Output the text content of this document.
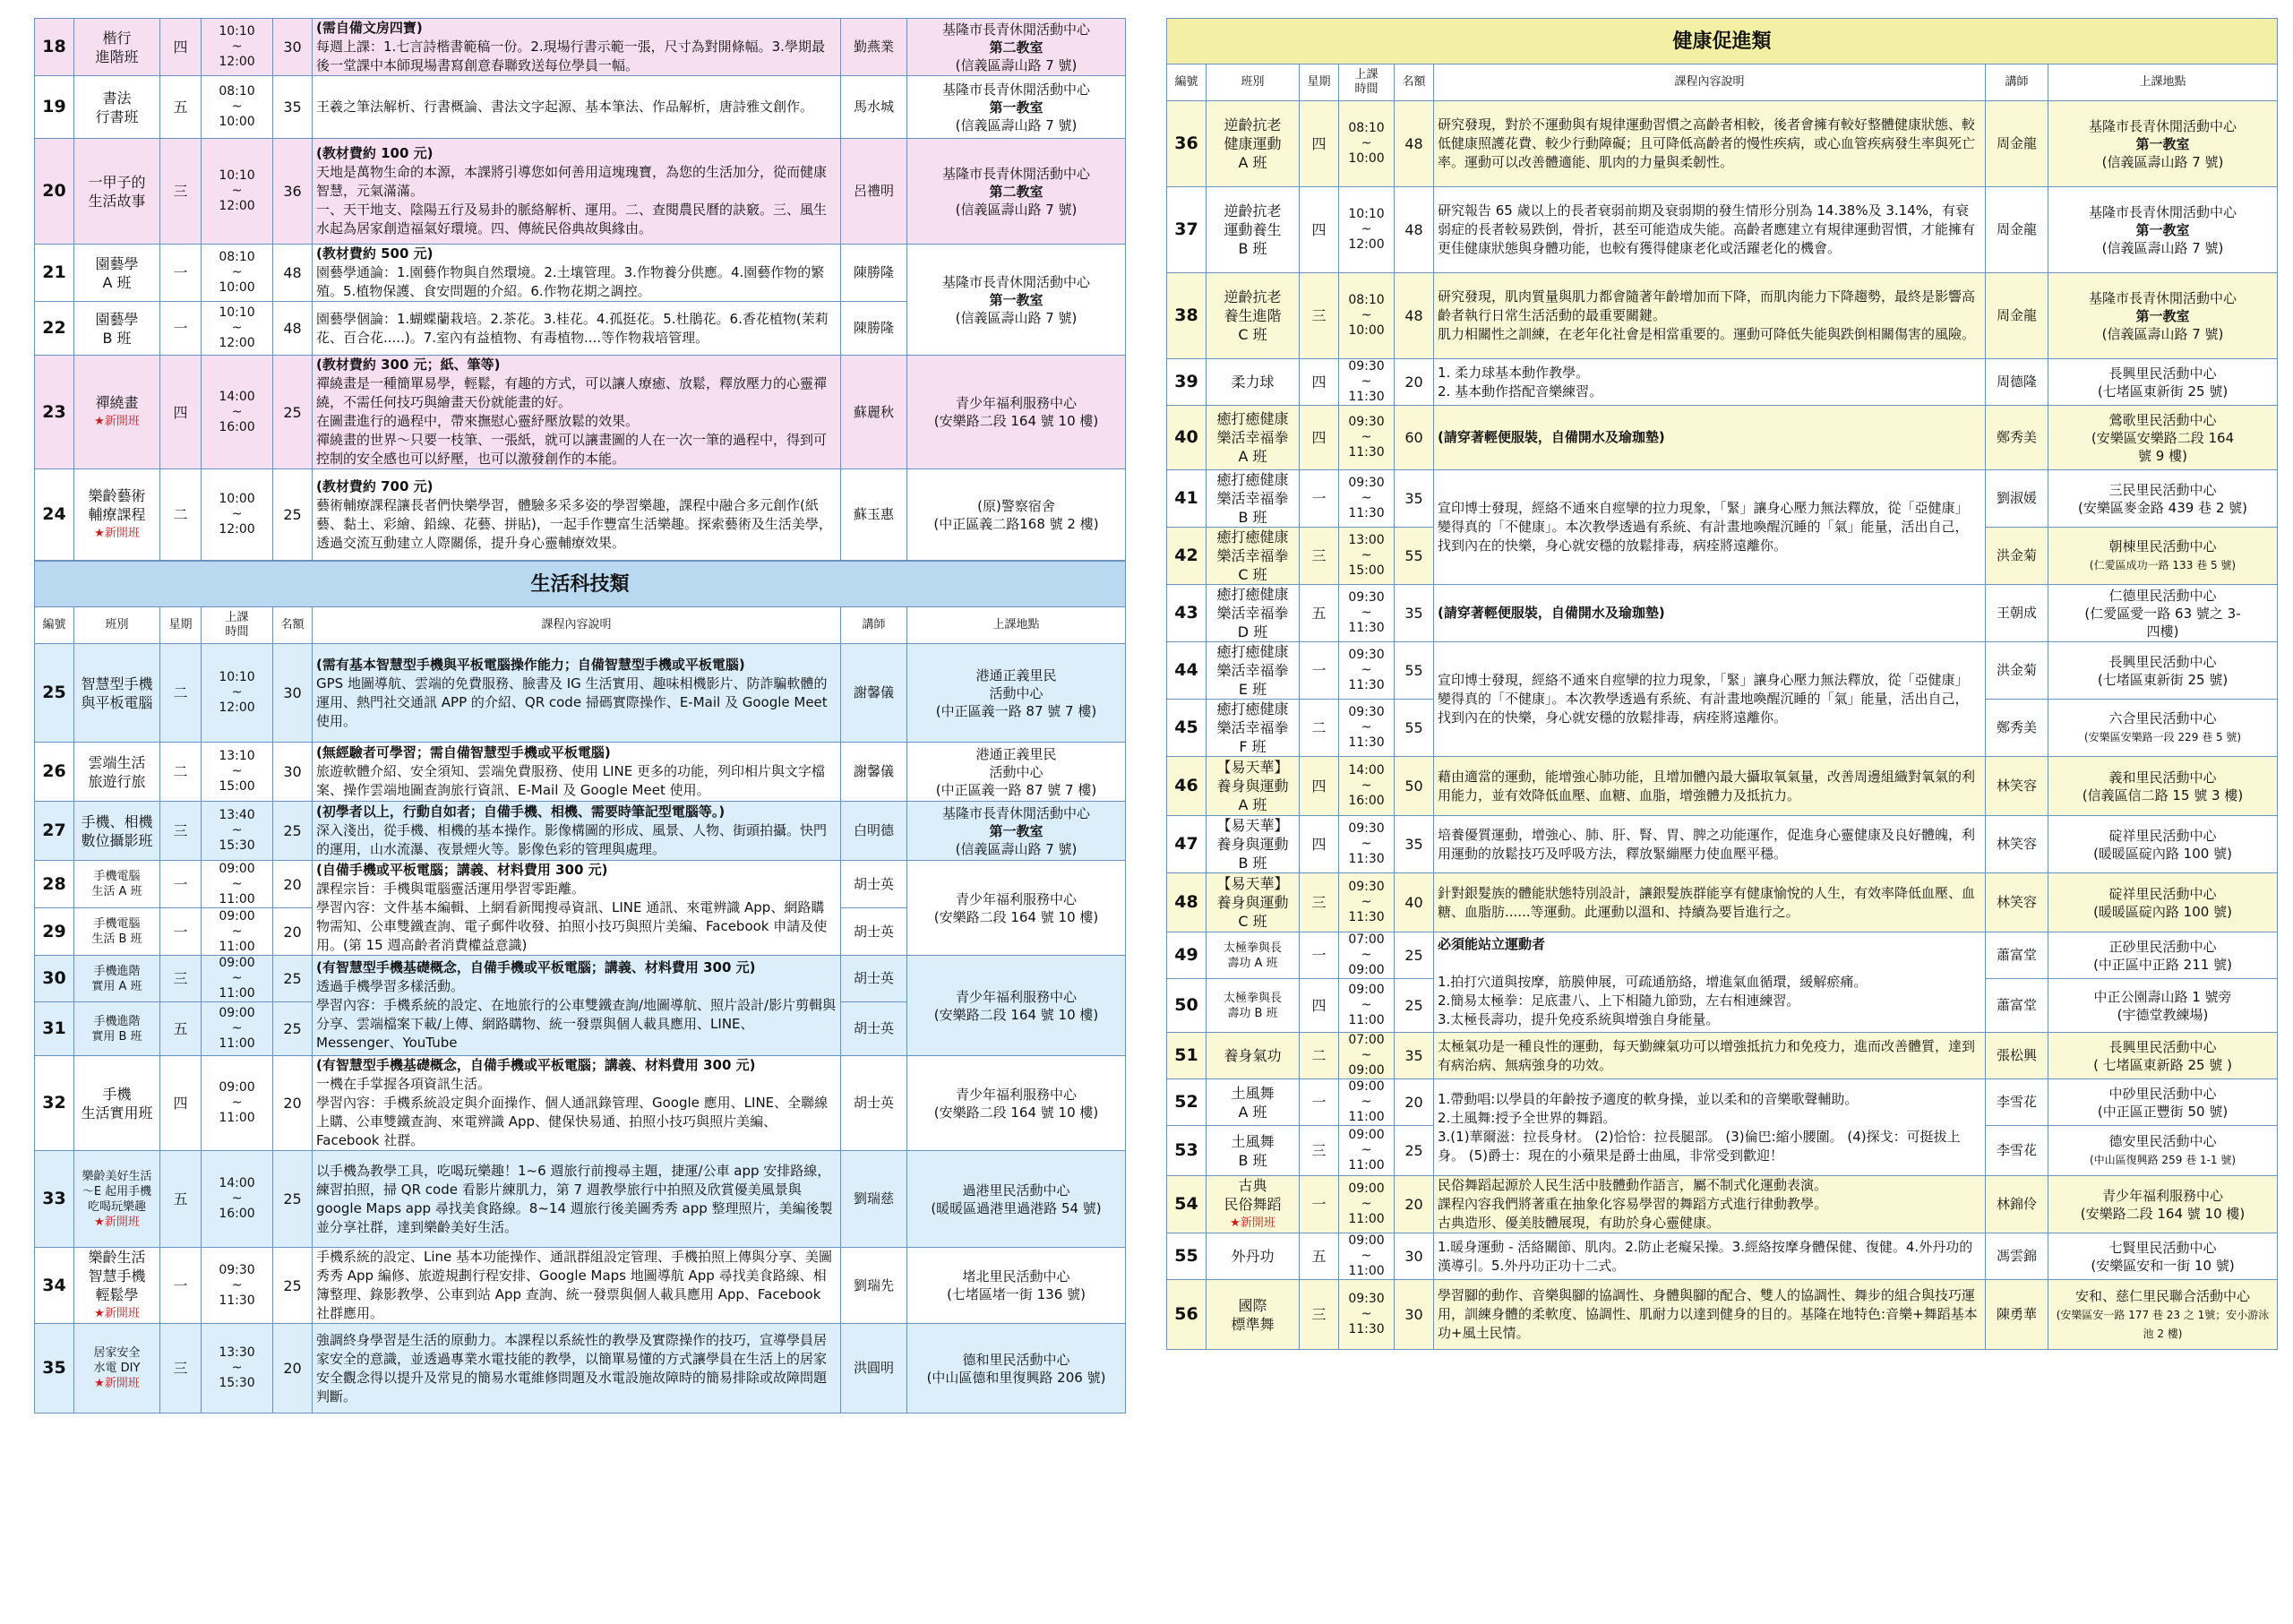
18	楷行
進階班	四	10:10
~
12:00	30	(需自備文房四寶)
每週上課：1.七言詩楷書範稿一份。2.現場行書示範一張，尺寸為對開條幅。3.學期最後一堂課中本師現場書寫創意春聯致送每位學員一幅。	勤燕業	基隆市長青休閒活動中心
第二教室
(信義區壽山路 7 號)
19	書法
行書班	五	08:10
~
10:00	35	王羲之筆法解析、行書概論、書法文字起源、基本筆法、作品解析，唐詩雅文創作。	馬水城	基隆市長青休閒活動中心
第一教室
(信義區壽山路 7 號)
20	一甲子的
生活故事	三	10:10
~
12:00	36	(教材費約 100 元)
天地是萬物生命的本源，本課將引導您如何善用這塊瑰寶，為您的生活加分，從而健康智慧，元氣滿滿。
一、天干地支、陰陽五行及易卦的脈絡解析、運用。二、查閱農民曆的訣竅。三、風生水起為居家創造福氣好環境。四、傳統民俗典故與緣由。	呂禮明	基隆市長青休閒活動中心
第二教室
(信義區壽山路 7 號)
21	園藝學
A 班	一	08:10
~
10:00	48	(教材費約 500 元)
園藝學通論：1.園藝作物與自然環境。2.土壤管理。3.作物養分供應。4.園藝作物的繁殖。5.植物保護、食安問題的介紹。6.作物花期之調控。	陳勝隆	基隆市長青休閒活動中心
第一教室
(信義區壽山路 7 號)
22	園藝學
B 班	一	10:10
~
12:00	48	園藝學個論：1.蝴蝶蘭栽培。2.茶花。3.桂花。4.孤挺花。5.杜鵑花。6.香花植物(茉莉花、百合花.....)。7.室內有益植物、有毒植物....等作物栽培管理。	陳勝隆	
23	禪繞畫
★新開班	四	14:00
~
16:00	25	(教材費約 300 元；紙、筆等)
禪繞畫是一種簡單易學，輕鬆，有趣的方式，可以讓人療癒、放鬆，釋放壓力的心靈禪繞，不需任何技巧與繪畫天份就能畫的好。
在圖畫進行的過程中，帶來撫慰心靈紓壓放鬆的效果。
禪繞畫的世界～只要一枝筆、一張紙，就可以讓畫圖的人在一次一筆的過程中，得到可控制的安全感也可以紓壓，也可以激發創作的本能。	蘇麗秋	青少年福利服務中心
(安樂路二段 164 號 10 樓)
24	樂齡藝術
輔療課程
★新開班	二	10:00
~
12:00	25	(教材費約 700 元)
藝術輔療課程讓長者們快樂學習，體驗多采多姿的學習樂趣，課程中融合多元創作(紙藝、黏土、彩繪、鉛線、花藝、拼貼)，一起手作豐富生活樂趣。探索藝術及生活美學，透過交流互動建立人際關係，提升身心靈輔療效果。	蘇玉惠	(原)警察宿舍
(中正區義二路168 號 2 樓)
生活科技類							
編號	班別	星期	上課
時間	名額	課程內容說明	講師	上課地點
25	智慧型手機
與平板電腦	二	10:10
~
12:00	30	(需有基本智慧型手機與平板電腦操作能力；自備智慧型手機或平板電腦)
GPS 地圖導航、雲端的免費服務、臉書及 IG 生活實用、趣味相機影片、防詐騙軟體的運用、熱門社交通訊 APP 的介紹、QR code 掃碼實際操作、E-Mail 及 Google Meet 使用。	謝馨儀	港通正義里民
活動中心
(中正區義一路 87 號 7 樓)
26	雲端生活
旅遊行旅	二	13:10
~
15:00	30	(無經驗者可學習；需自備智慧型手機或平板電腦)
旅遊軟體介紹、安全須知、雲端免費服務、使用 LINE 更多的功能，列印相片與文字檔案、操作雲端地圖查詢旅行資訊、E-Mail 及 Google Meet 使用。	謝馨儀	港通正義里民
活動中心
(中正區義一路 87 號 7 樓)
27	手機、相機
數位攝影班	三	13:40
~
15:30	25	(初學者以上，行動自如者；自備手機、相機、需要時筆記型電腦等。)
深入淺出，從手機、相機的基本操作。影像構圖的形成、風景、人物、街頭拍攝。快門的運用，山水流瀑、夜景煙火等。影像色彩的管理與處理。	白明德	基隆市長青休閒活動中心
第一教室
(信義區壽山路 7 號)
28	手機電腦
生活 A 班	一	09:00
~
11:00	20	(自備手機或平板電腦；講義、材料費用 300 元)
課程宗旨：手機與電腦靈活運用學習零距離。
學習內容：文件基本編輯、上網看新聞搜尋資訊、LINE 通訊、來電辨識 App、網路購物需知、公車雙鐵查詢、電子郵件收發、拍照小技巧與照片美編、Facebook 申請及使用。(第 15 週高齡者消費權益意識)	胡士英	青少年福利服務中心
(安樂路二段 164 號 10 樓)
29	手機電腦
生活 B 班	一	09:00
~
11:00	20		胡士英	
30	手機進階
實用 A 班	三	09:00
~
11:00	25	(有智慧型手機基礎概念，自備手機或平板電腦；講義、材料費用 300 元)
透過手機學習多樣活動。
學習內容：手機系統的設定、在地旅行的公車雙鐵查詢/地圖導航、照片設計/影片剪輯與分享、雲端檔案下載/上傳、網路購物、統一發票與個人載具應用、LINE、Messenger、YouTube	胡士英	青少年福利服務中心
(安樂路二段 164 號 10 樓)
31	手機進階
實用 B 班	五	09:00
~
11:00	25		胡士英	
32	手機
生活實用班	四	09:00
~
11:00	20	(有智慧型手機基礎概念，自備手機或平板電腦；講義、材料費用 300 元)
一機在手掌握各項資訊生活。
學習內容：手機系統設定與介面操作、個人通訊錄管理、Google 應用、LINE、全聯線上購、公車雙鐵查詢、來電辨識 App、健保快易通、拍照小技巧與照片美編、Facebook 社群。	胡士英	青少年福利服務中心
(安樂路二段 164 號 10 樓)
33	樂齡美好生活
～E 起用手機
吃喝玩樂趣
★新開班	五	14:00
~
16:00	25	以手機為教學工具，吃喝玩樂趣！1~6 週旅行前搜尋主題，捷運/公車 app 安排路線，練習拍照，掃 QR code 看影片練肌力，第 7 週教學旅行中拍照及欣賞優美風景與 google Maps app 尋找美食路線。8~14 週旅行後美圖秀秀 app 整理照片，美編後製並分享社群，達到樂齡美好生活。	劉瑞慈	過港里民活動中心
(暖暖區過港里過港路 54 號)
34	樂齡生活
智慧手機
輕鬆學
★新開班	一	09:30
~
11:30	25	手機系統的設定、Line 基本功能操作、通訊群組設定管理、手機拍照上傳與分享、美圖秀秀 App 編修、旅遊規劃行程安排、Google Maps 地圖導航 App 尋找美食路線、相簿整理、錄影教學、公車到站 App 查詢、統一發票與個人載具應用 App、Facebook 社群應用。	劉瑞先	堵北里民活動中心
(七堵區堵一街 136 號)
35	居家安全
水電 DIY
★新開班	三	13:30
~
15:30	20	強調終身學習是生活的原動力。本課程以系統性的教學及實際操作的技巧，宣導學員居家安全的意識，並透過專業水電技能的教學，以簡單易懂的方式讓學員在生活上的居家安全觀念得以提升及常見的簡易水電維修問題及水電設施故障時的簡易排除或故障問題判斷。	洪圓明	德和里民活動中心
(中山區德和里復興路 206 號)
健康促進類							
編號	班別	星期	上課
時間	名額	課程內容說明	講師	上課地點
36	逆齡抗老
健康運動
A 班	四	08:10
~
10:00	48	研究發現，對於不運動與有規律運動習慣之高齡者相較，後者會擁有較好整體健康狀態、較低健康照護花費、較少行動障礙；且可降低高齡者的慢性疾病，或心血管疾病發生率與死亡率。運動可以改善體適能、肌肉的力量與柔韌性。	周金龍	基隆市長青休閒活動中心
第一教室
(信義區壽山路 7 號)
37	逆齡抗老
運動養生
B 班	四	10:10
~
12:00	48	研究報告 65 歲以上的長者衰弱前期及衰弱期的發生情形分別為 14.38%及 3.14%，有衰弱症的長者較易跌倒，骨折，甚至可能造成失能。高齡者應建立有規律運動習慣，才能擁有更佳健康狀態與身體功能，也較有獲得健康老化或活躍老化的機會。	周金龍	基隆市長青休閒活動中心
第一教室
(信義區壽山路 7 號)
38	逆齡抗老
養生進階
C 班	三	08:10
~
10:00	48	研究發現，肌肉質量與肌力都會隨著年齡增加而下降，而肌肉能力下降趨勢，最終是影響高齡者執行日常生活活動的最重要關鍵。
肌力相關性之訓練，在老年化社會是相當重要的。運動可降低失能與跌倒相關傷害的風險。	周金龍	基隆市長青休閒活動中心
第一教室
(信義區壽山路 7 號)
39	柔力球	四	09:30
~
11:30	20	1. 柔力球基本動作教學。
2. 基本動作搭配音樂練習。	周德隆	長興里民活動中心
(七堵區東新街 25 號)
40	癒打癒健康
樂活幸福拳
A 班	四	09:30
~
11:30	60	(請穿著輕便服裝，自備開水及瑜珈墊)	鄭秀美	鶯歌里民活動中心
(安樂區安樂路二段 164
號 9 樓)
41	癒打癒健康
樂活幸福拳
B 班	一	09:30
~
11:30	35	宣印博士發現，經絡不通來自痙攣的拉力現象，「緊」讓身心壓力無法釋放，從「亞健康」變得真的「不健康」。本次教學透過有系統、有計畫地喚醒沉睡的「氣」能量，活出自己，找到內在的快樂，身心就安穩的放鬆排毒，病痊將遠離你。	劉淑媛	三民里民活動中心
(安樂區麥金路 439 巷 2 號)
42	癒打癒健康
樂活幸福拳
C 班	三	13:00
~
15:00	55		洪金菊	朝棟里民活動中心
(仁愛區成功一路 133 巷 5 號)
43	癒打癒健康
樂活幸福拳
D 班	五	09:30
~
11:30	35	(請穿著輕便服裝，自備開水及瑜珈墊)	王朝成	仁德里民活動中心
(仁愛區愛一路 63 號之 3-
四樓)
44	癒打癒健康
樂活幸福拳
E 班	一	09:30
~
11:30	55	宣印博士發現，經絡不通來自痙攣的拉力現象，「緊」讓身心壓力無法釋放，從「亞健康」變得真的「不健康」。本次教學透過有系統、有計畫地喚醒沉睡的「氣」能量，活出自己，找到內在的快樂，身心就安穩的放鬆排毒，病痊將遠離你。	洪金菊	長興里民活動中心
(七堵區東新街 25 號)
45	癒打癒健康
樂活幸福拳
F 班	二	09:30
~
11:30	55		鄭秀美	六合里民活動中心
(安樂區安樂路一段 229 巷 5 號)
46	【易天華】
養身與運動
A 班	四	14:00
~
16:00	50	藉由適當的運動，能增強心肺功能，且增加體內最大攝取氧氣量，改善周邊組織對氧氣的利用能力，並有效降低血壓、血糖、血脂，增強體力及抵抗力。	林笑容	義和里民活動中心
(信義區信二路 15 號 3 樓)
47	【易天華】
養身與運動
B 班	四	09:30
~
11:30	35	培養優質運動，增強心、肺、肝、腎、胃、脾之功能運作，促進身心靈健康及良好體魄，利用運動的放鬆技巧及呼吸方法，釋放緊繃壓力使血壓平穩。	林笑容	碇祥里民活動中心
(暖暖區碇內路 100 號)
48	【易天華】
養身與運動
C 班	三	09:30
~
11:30	40	針對銀髮族的體能狀態特別設計，讓銀髮族群能享有健康愉悅的人生，有效率降低血壓、血糖、血脂肪......等運動。此運動以溫和、持續為要旨進行之。	林笑容	碇祥里民活動中心
(暖暖區碇內路 100 號)
49	太極拳與長
壽功 A 班	一	07:00
~
09:00	25	必須能站立運動者

1.拍打穴道與按摩，筋膜伸展，可疏通筋絡，增進氣血循環，緩解瘀痛。
2.簡易太極拳：足底畫八、上下相隨九節勁，左右相連練習。
3.太極長壽功，提升免疫系統與增強自身能量。	蕭富堂	正砂里民活動中心
(中正區中正路 211 號)
50	太極拳與長
壽功 B 班	四	09:00
~
11:00	25		蕭富堂	中正公園壽山路 1 號旁
(宇德堂教練場)
51	養身氣功	二	07:00
~
09:00	35	太極氣功是一種良性的運動，每天勤練氣功可以增強抵抗力和免疫力，進而改善體質，達到有病治病、無病強身的功效。	張松興	長興里民活動中心
( 七堵區東新路 25 號 )
52	土風舞
A 班	一	09:00
~
11:00	20	1.帶動唱:以學員的年齡按予適度的軟身操，並以柔和的音樂歌聲輔助。
2.土風舞:授予全世界的舞蹈。
3.(1)華爾滋：拉長身材。 (2)恰恰：拉長腿部。 (3)倫巴:縮小腰圍。 (4)探戈：可挺拔上身。 (5)爵士：現在的小蘋果是爵士曲風，非常受到歡迎！	李雪花	中砂里民活動中心
(中正區正豐街 50 號)
53	土風舞
B 班	三	09:00
~
11:00	25		李雪花	德安里民活動中心
(中山區復興路 259 巷 1-1 號)
54	古典
民俗舞蹈
★新開班	一	09:00
~
11:00	20	民俗舞蹈起源於人民生活中肢體動作語言，屬不制式化運動表演。
課程內容我們將著重在抽象化容易學習的舞蹈方式進行律動教學。
古典造形、優美肢體展現，有助於身心靈健康。	林錦伶	青少年福利服務中心
(安樂路二段 164 號 10 樓)
55	外丹功	五	09:00
~
11:00	30	1.暖身運動 - 活絡關節、肌肉。2.防止老癡呆操。3.經絡按摩身體保健、復健。4.外丹功的漢導引。5.外丹功正功十二式。	馮雲錦	七賢里民活動中心
(安樂區安和一街 10 號)
56	國際
標準舞	三	09:30
~
11:30	30	學習腳的動作、音樂與腳的協調性、身體與腳的配合、雙人的協調性、舞步的組合與技巧運用，訓練身體的柔軟度、協調性、肌耐力以達到健身的目的。基隆在地特色:音樂+舞蹈基本功+風土民情。	陳勇華	安和、慈仁里民聯合活動中心
(安樂區安一路 177 巷 23 之 1號；安小游泳池 2 樓)
